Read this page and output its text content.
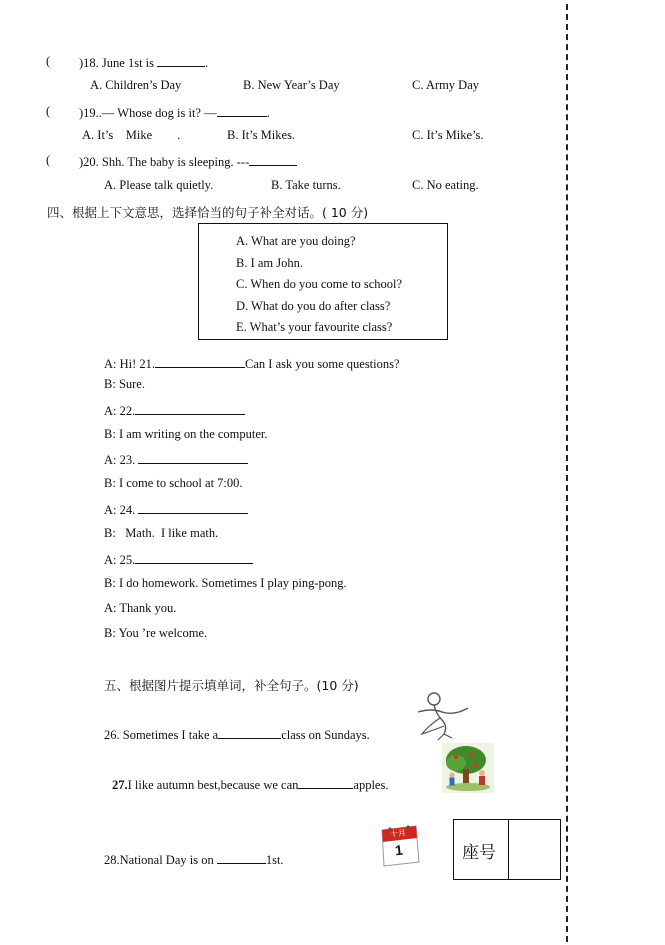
( )18. June 1st is	.
A. Children’s Day	B. New Year’s Day	C. Army Day
( )19..— Whose dog is it? —	.
A. It’s    Mike        .	B. It’s Mikes.	C. It’s Mike’s.
( )20. Shh. The baby is sleeping. ---
A. Please talk quietly.	B. Take turns.	C. No eating.
四、根据上下文意思，选择恰当的句子补全对话。( 10 分)
A. What are you doing?
B. I am John.
C. When do you come to school?
D. What do you do after class?
E. What’s your favourite class?
A: Hi! 21.	Can I ask you some questions?
B: Sure.
A: 22.
B: I am writing on the computer.
A: 23.
B: I come to school at 7:00.
A: 24.
B:   Math.  I like math.
A: 25.
B: I do homework. Sometimes I play ping-pong.
A: Thank you.
B: You ’re welcome.
五、根据图片提示填单词，补全句子。(10 分)
26. Sometimes I take a	class on Sundays.
27.I like autumn best,because we can	apples.
十月
1
28.National Day is on	1st.	座号
